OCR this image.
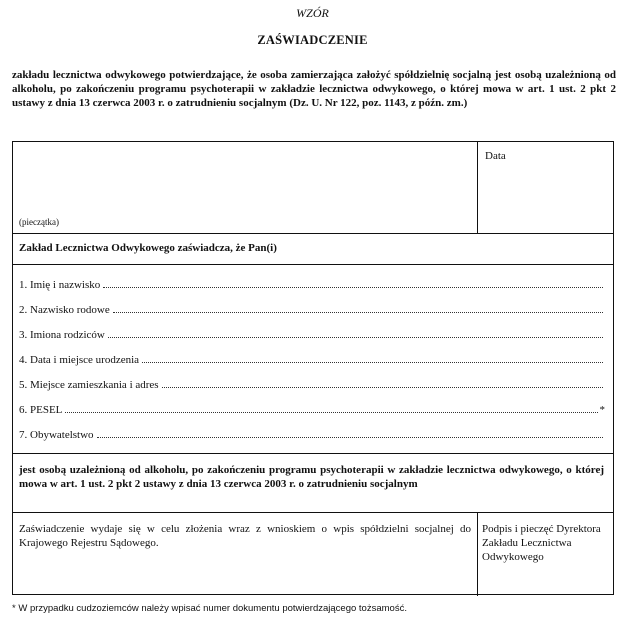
WZÓR
ZAŚWIADCZENIE
zakładu lecznictwa odwykowego potwierdzające, że osoba zamierzająca założyć spółdzielnię socjalną jest osobą uzależnioną od alkoholu, po zakończeniu programu psychoterapii w zakładzie lecznictwa odwykowego, o której mowa w art. 1 ust. 2 pkt 2 ustawy z dnia 13 czerwca 2003 r. o zatrudnieniu socjalnym (Dz. U. Nr 122, poz. 1143, z późn. zm.)
(pieczątka)
Data
Zakład Lecznictwa Odwykowego zaświadcza, że Pan(i)
1. Imię i nazwisko
2. Nazwisko rodowe
3. Imiona rodziców
4. Data i miejsce urodzenia
5. Miejsce zamieszkania i adres
6. PESEL	*
7. Obywatelstwo
jest osobą uzależnioną od alkoholu, po zakończeniu programu psychoterapii w zakładzie lecznictwa odwykowego, o której mowa w art. 1 ust. 2 pkt 2 ustawy z dnia 13 czerwca 2003 r. o zatrudnieniu socjalnym
Zaświadczenie wydaje się w celu złożenia wraz z wnioskiem o wpis spółdzielni socjalnej do Krajowego Rejestru Sądowego.
Podpis i pieczęć Dyrektora Zakładu Lecznictwa Odwykowego
* W przypadku cudzoziemców należy wpisać numer dokumentu potwierdzającego tożsamość.
